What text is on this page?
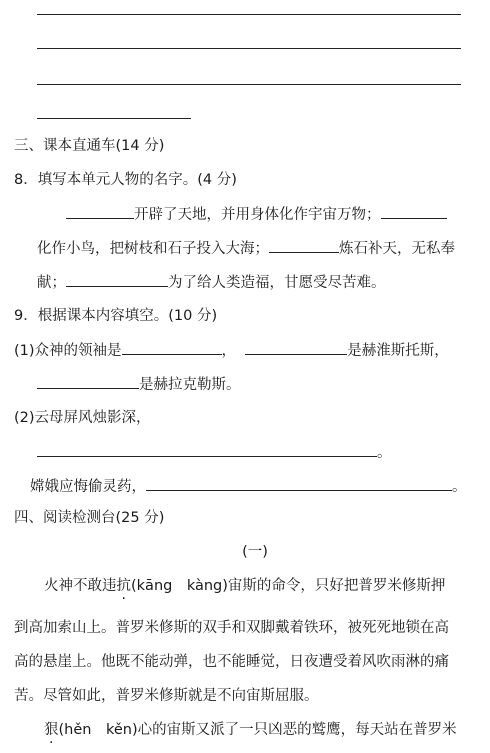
三、课本直通车(14 分)
8．填写本单元人物的名字。(4 分)
开辟了天地，并用身体化作宇宙万物；
化作小鸟，把树枝和石子投入大海；	炼石补天，无私奉
献；	为了给人类造福，甘愿受尽苦难。
9．根据课本内容填空。(10 分)
(1)众神的领袖是	，	是赫淮斯托斯，
是赫拉克勒斯。
(2)云母屏风烛影深，
。
嫦娥应悔偷灵药，	。
四、阅读检测台(25 分)
(一)
火神不敢违抗(kāng　kàng)宙斯的命令，只好把普罗米修斯押
到高加索山上。普罗米修斯的双手和双脚戴着铁环，被死死地锁在高
高的悬崖上。他既不能动弹，也不能睡觉，日夜遭受着风吹雨淋的痛
苦。尽管如此，普罗米修斯就是不向宙斯屈服。
狠(hěn　kěn)心的宙斯又派了一只凶恶的鹫鹰，每天站在普罗米
